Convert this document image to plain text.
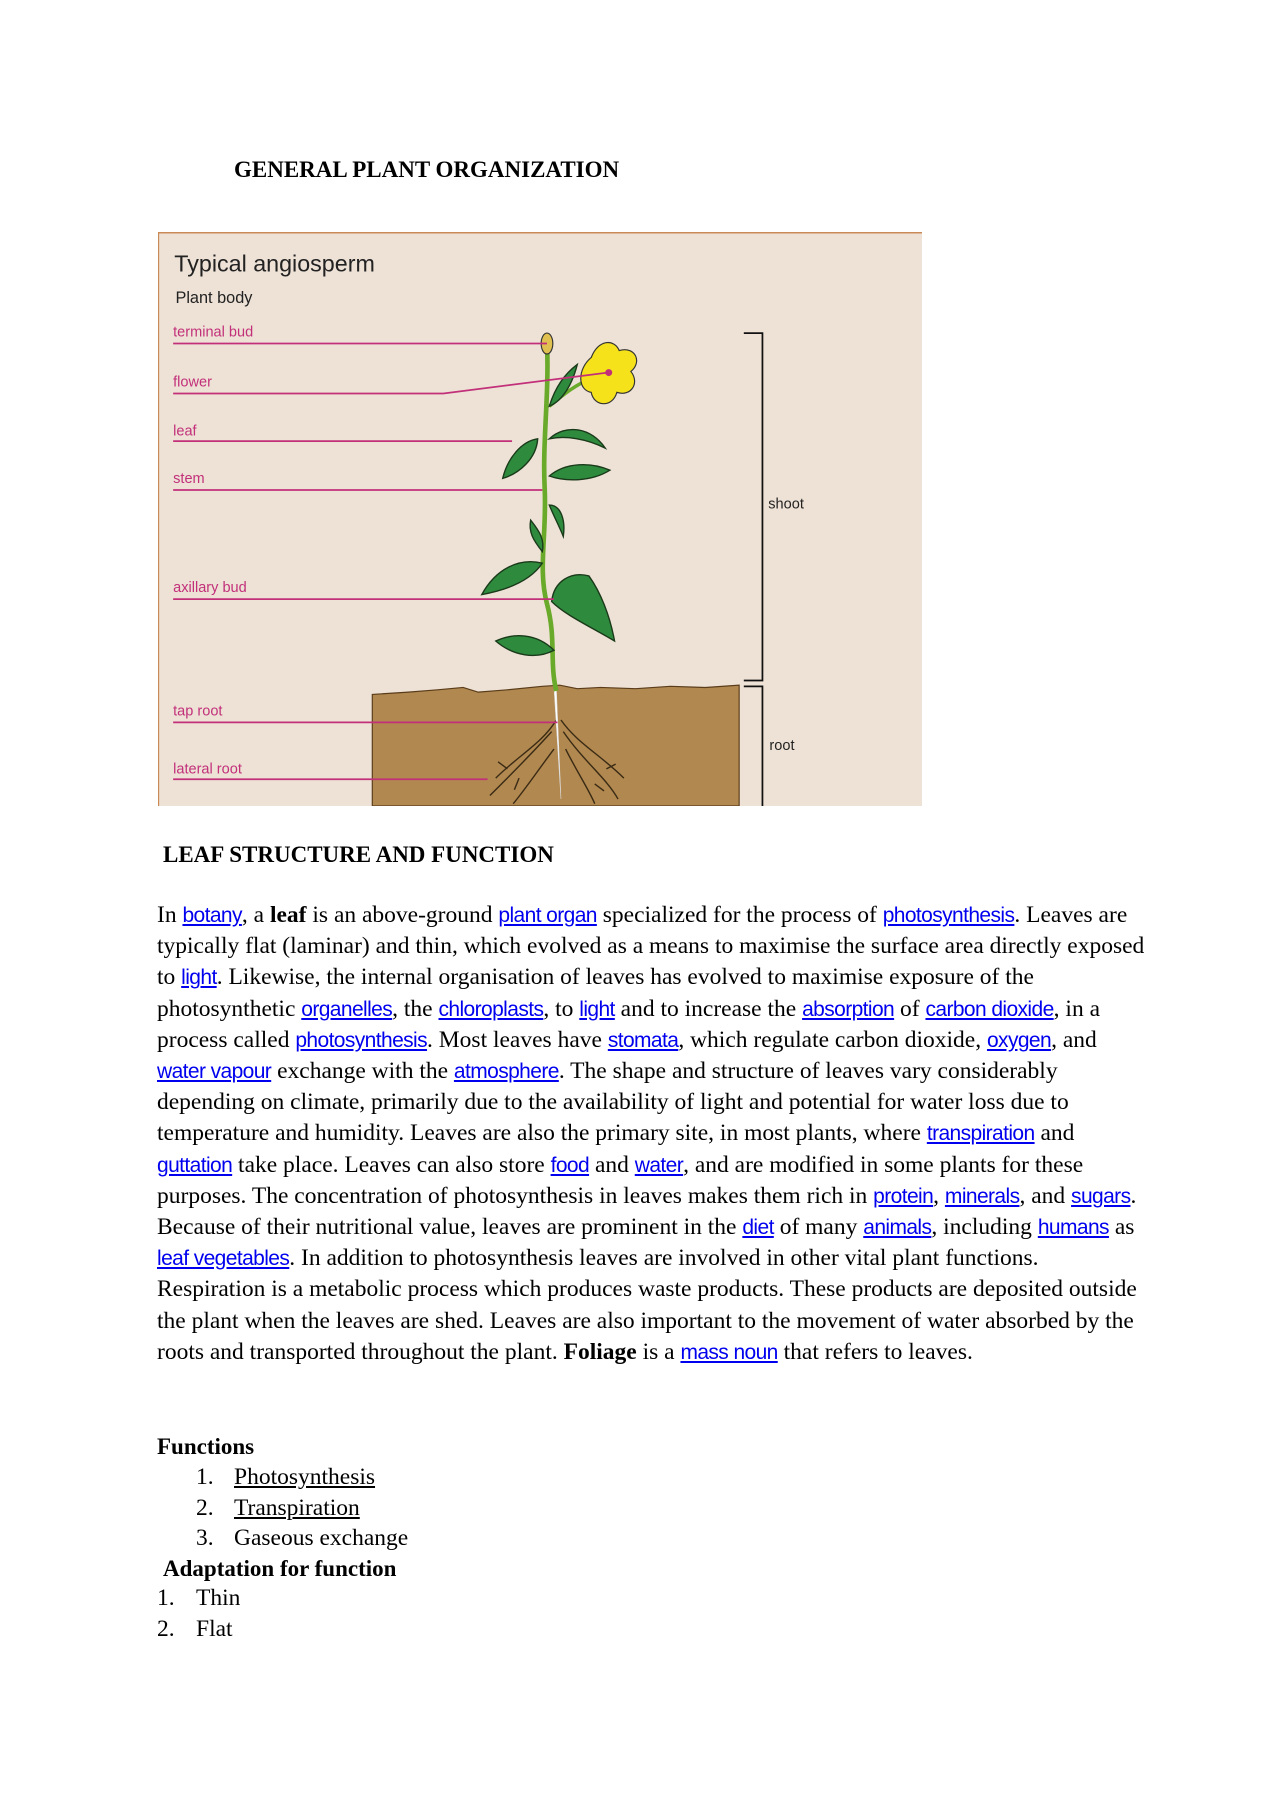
GENERAL PLANT ORGANIZATION
Typical angiosperm
Plant body
terminal bud
flower
leaf
stem
axillary bud
tap root
lateral root
shoot
root
LEAF STRUCTURE AND FUNCTION
In botany, a leaf is an above-ground plant organ specialized for the process of photosynthesis. Leaves are typically flat (laminar) and thin, which evolved as a means to maximise the surface area directly exposed to light. Likewise, the internal organisation of leaves has evolved to maximise exposure of the photosynthetic organelles, the chloroplasts, to light and to increase the absorption of carbon dioxide, in a process called photosynthesis. Most leaves have stomata, which regulate carbon dioxide, oxygen, and water vapour exchange with the atmosphere. The shape and structure of leaves vary considerably depending on climate, primarily due to the availability of light and potential for water loss due to temperature and humidity. Leaves are also the primary site, in most plants, where transpiration and guttation take place. Leaves can also store food and water, and are modified in some plants for these purposes. The concentration of photosynthesis in leaves makes them rich in protein, minerals, and sugars. Because of their nutritional value, leaves are prominent in the diet of many animals, including humans as leaf vegetables. In addition to photosynthesis leaves are involved in other vital plant functions. Respiration is a metabolic process which produces waste products. These products are deposited outside the plant when the leaves are shed. Leaves are also important to the movement of water absorbed by the roots and transported throughout the plant. Foliage is a mass noun that refers to leaves.
Functions
1. Photosynthesis
2. Transpiration
3. Gaseous exchange
Adaptation for function
1. Thin
2. Flat
